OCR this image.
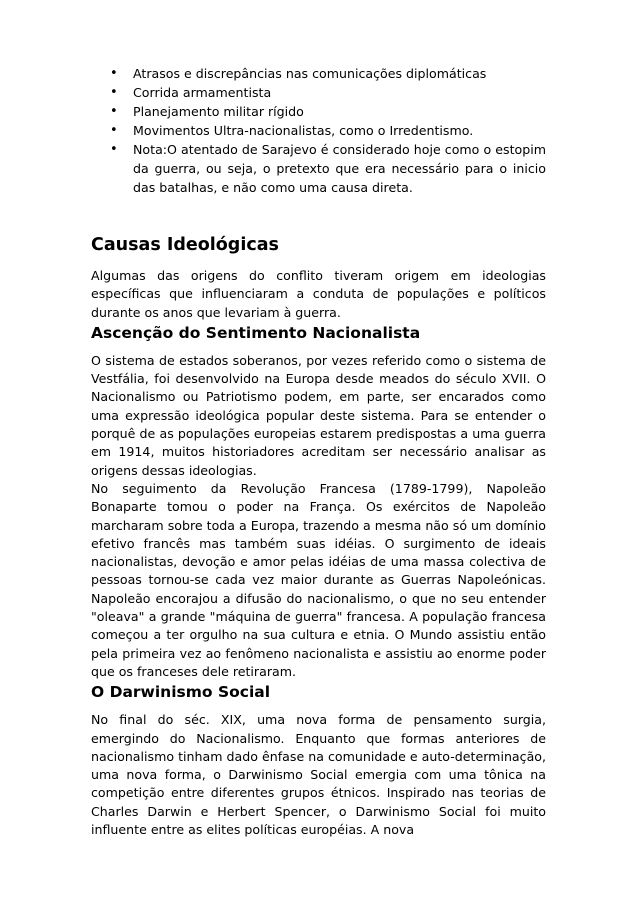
• Atrasos e discrepâncias nas comunicações diplomáticas
• Corrida armamentista
• Planejamento militar rígido
• Movimentos Ultra-nacionalistas, como o Irredentismo.
• Nota:O atentado de Sarajevo é considerado hoje como o estopim da guerra, ou seja, o pretexto que era necessário para o inicio das batalhas, e não como uma causa direta.
Causas Ideológicas

Algumas das origens do conflito tiveram origem em ideologias específicas que influenciaram a conduta de populações e políticos durante os anos que levariam à guerra.

Ascenção do Sentimento Nacionalista

O sistema de estados soberanos, por vezes referido como o sistema de Vestfália, foi desenvolvido na Europa desde meados do século XVII. O Nacionalismo ou Patriotismo podem, em parte, ser encarados como uma expressão ideológica popular deste sistema. Para se entender o porquê de as populações europeias estarem predispostas a uma guerra em 1914, muitos historiadores acreditam ser necessário analisar as origens dessas ideologias.

No seguimento da Revolução Francesa (1789-1799), Napoleão Bonaparte tomou o poder na França. Os exércitos de Napoleão marcharam sobre toda a Europa, trazendo a mesma não só um domínio efetivo francês mas também suas idéias. O surgimento de ideais nacionalistas, devoção e amor pelas idéias de uma massa colectiva de pessoas tornou-se cada vez maior durante as Guerras Napoleónicas. Napoleão encorajou a difusão do nacionalismo, o que no seu entender "oleava" a grande "máquina de guerra" francesa. A população francesa começou a ter orgulho na sua cultura e etnia. O Mundo assistiu então pela primeira vez ao fenômeno nacionalista e assistiu ao enorme poder que os franceses dele retiraram.

O Darwinismo Social

No final do séc. XIX, uma nova forma de pensamento surgia, emergindo do Nacionalismo. Enquanto que formas anteriores de nacionalismo tinham dado ênfase na comunidade e auto-determinação, uma nova forma, o Darwinismo Social emergia com uma tônica na competição entre diferentes grupos étnicos. Inspirado nas teorias de Charles Darwin e Herbert Spencer, o Darwinismo Social foi muito influente entre as elites políticas européias. A nova
